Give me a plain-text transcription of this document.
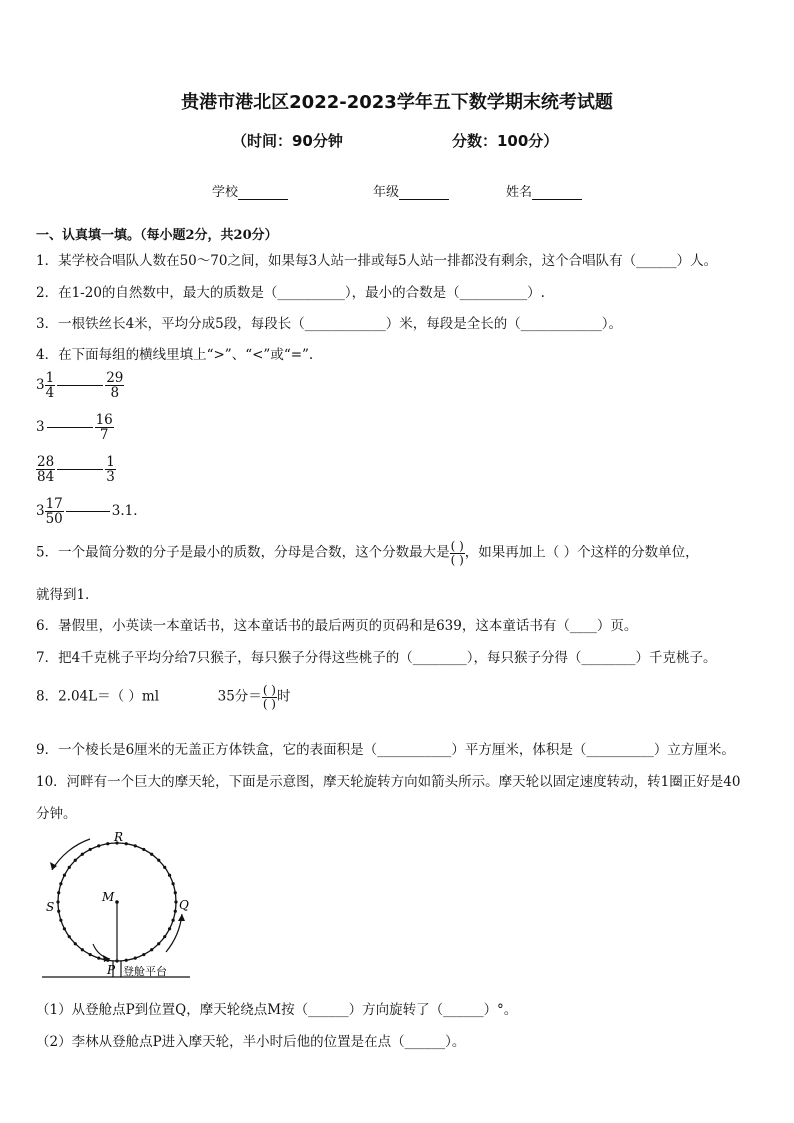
贵港市港北区2022-2023学年五下数学期末统考试题
（时间：90分钟	分数：100分）
学校	年级	姓名
一、认真填一填。（每小题2分，共20分）
1．某学校合唱队人数在50～70之间，如果每3人站一排或每5人站一排都没有剩余，这个合唱队有（______）人。
2．在1-20的自然数中，最大的质数是（__________），最小的合数是（__________）.
3．一根铁丝长4米，平均分成5段，每段长（____________）米，每段是全长的（____________）。
4．在下面每组的横线里填上“>”、“<”或“=”.
$3 \frac{1}{4}$	$\frac{29}{8}$
3	$\frac{16}{7}$
$\frac{28}{84}$	$\frac{1}{3}$
$3 \frac{17}{50}$	3.1.
5．一个最简分数的分子是最小的质数，分母是合数，这个分数最大是 $\frac{( )}{( )}$ ，如果再加上（ ）个这样的分数单位，
就得到1．
6．暑假里，小英读一本童话书，这本童话书的最后两页的页码和是639，这本童话书有（____）页。
7．把4千克桃子平均分给7只猴子，每只猴子分得这些桃子的（________），每只猴子分得（________）千克桃子。
8．2.04L＝（ ）ml	35分＝ $\frac{( )}{( )}$ 时
9．一个棱长是6厘米的无盖正方体铁盒，它的表面积是（___________）平方厘米，体积是（__________）立方厘米。
10．河畔有一个巨大的摩天轮，下面是示意图，摩天轮旋转方向如箭头所示。摩天轮以固定速度转动，转1圈正好是40
分钟。
R
M
S	Q
P 登舱平台
（1）从登舱点P到位置Q，摩天轮绕点M按（______）方向旋转了（______）°。
（2）李林从登舱点P进入摩天轮，半小时后他的位置是在点（______）。
